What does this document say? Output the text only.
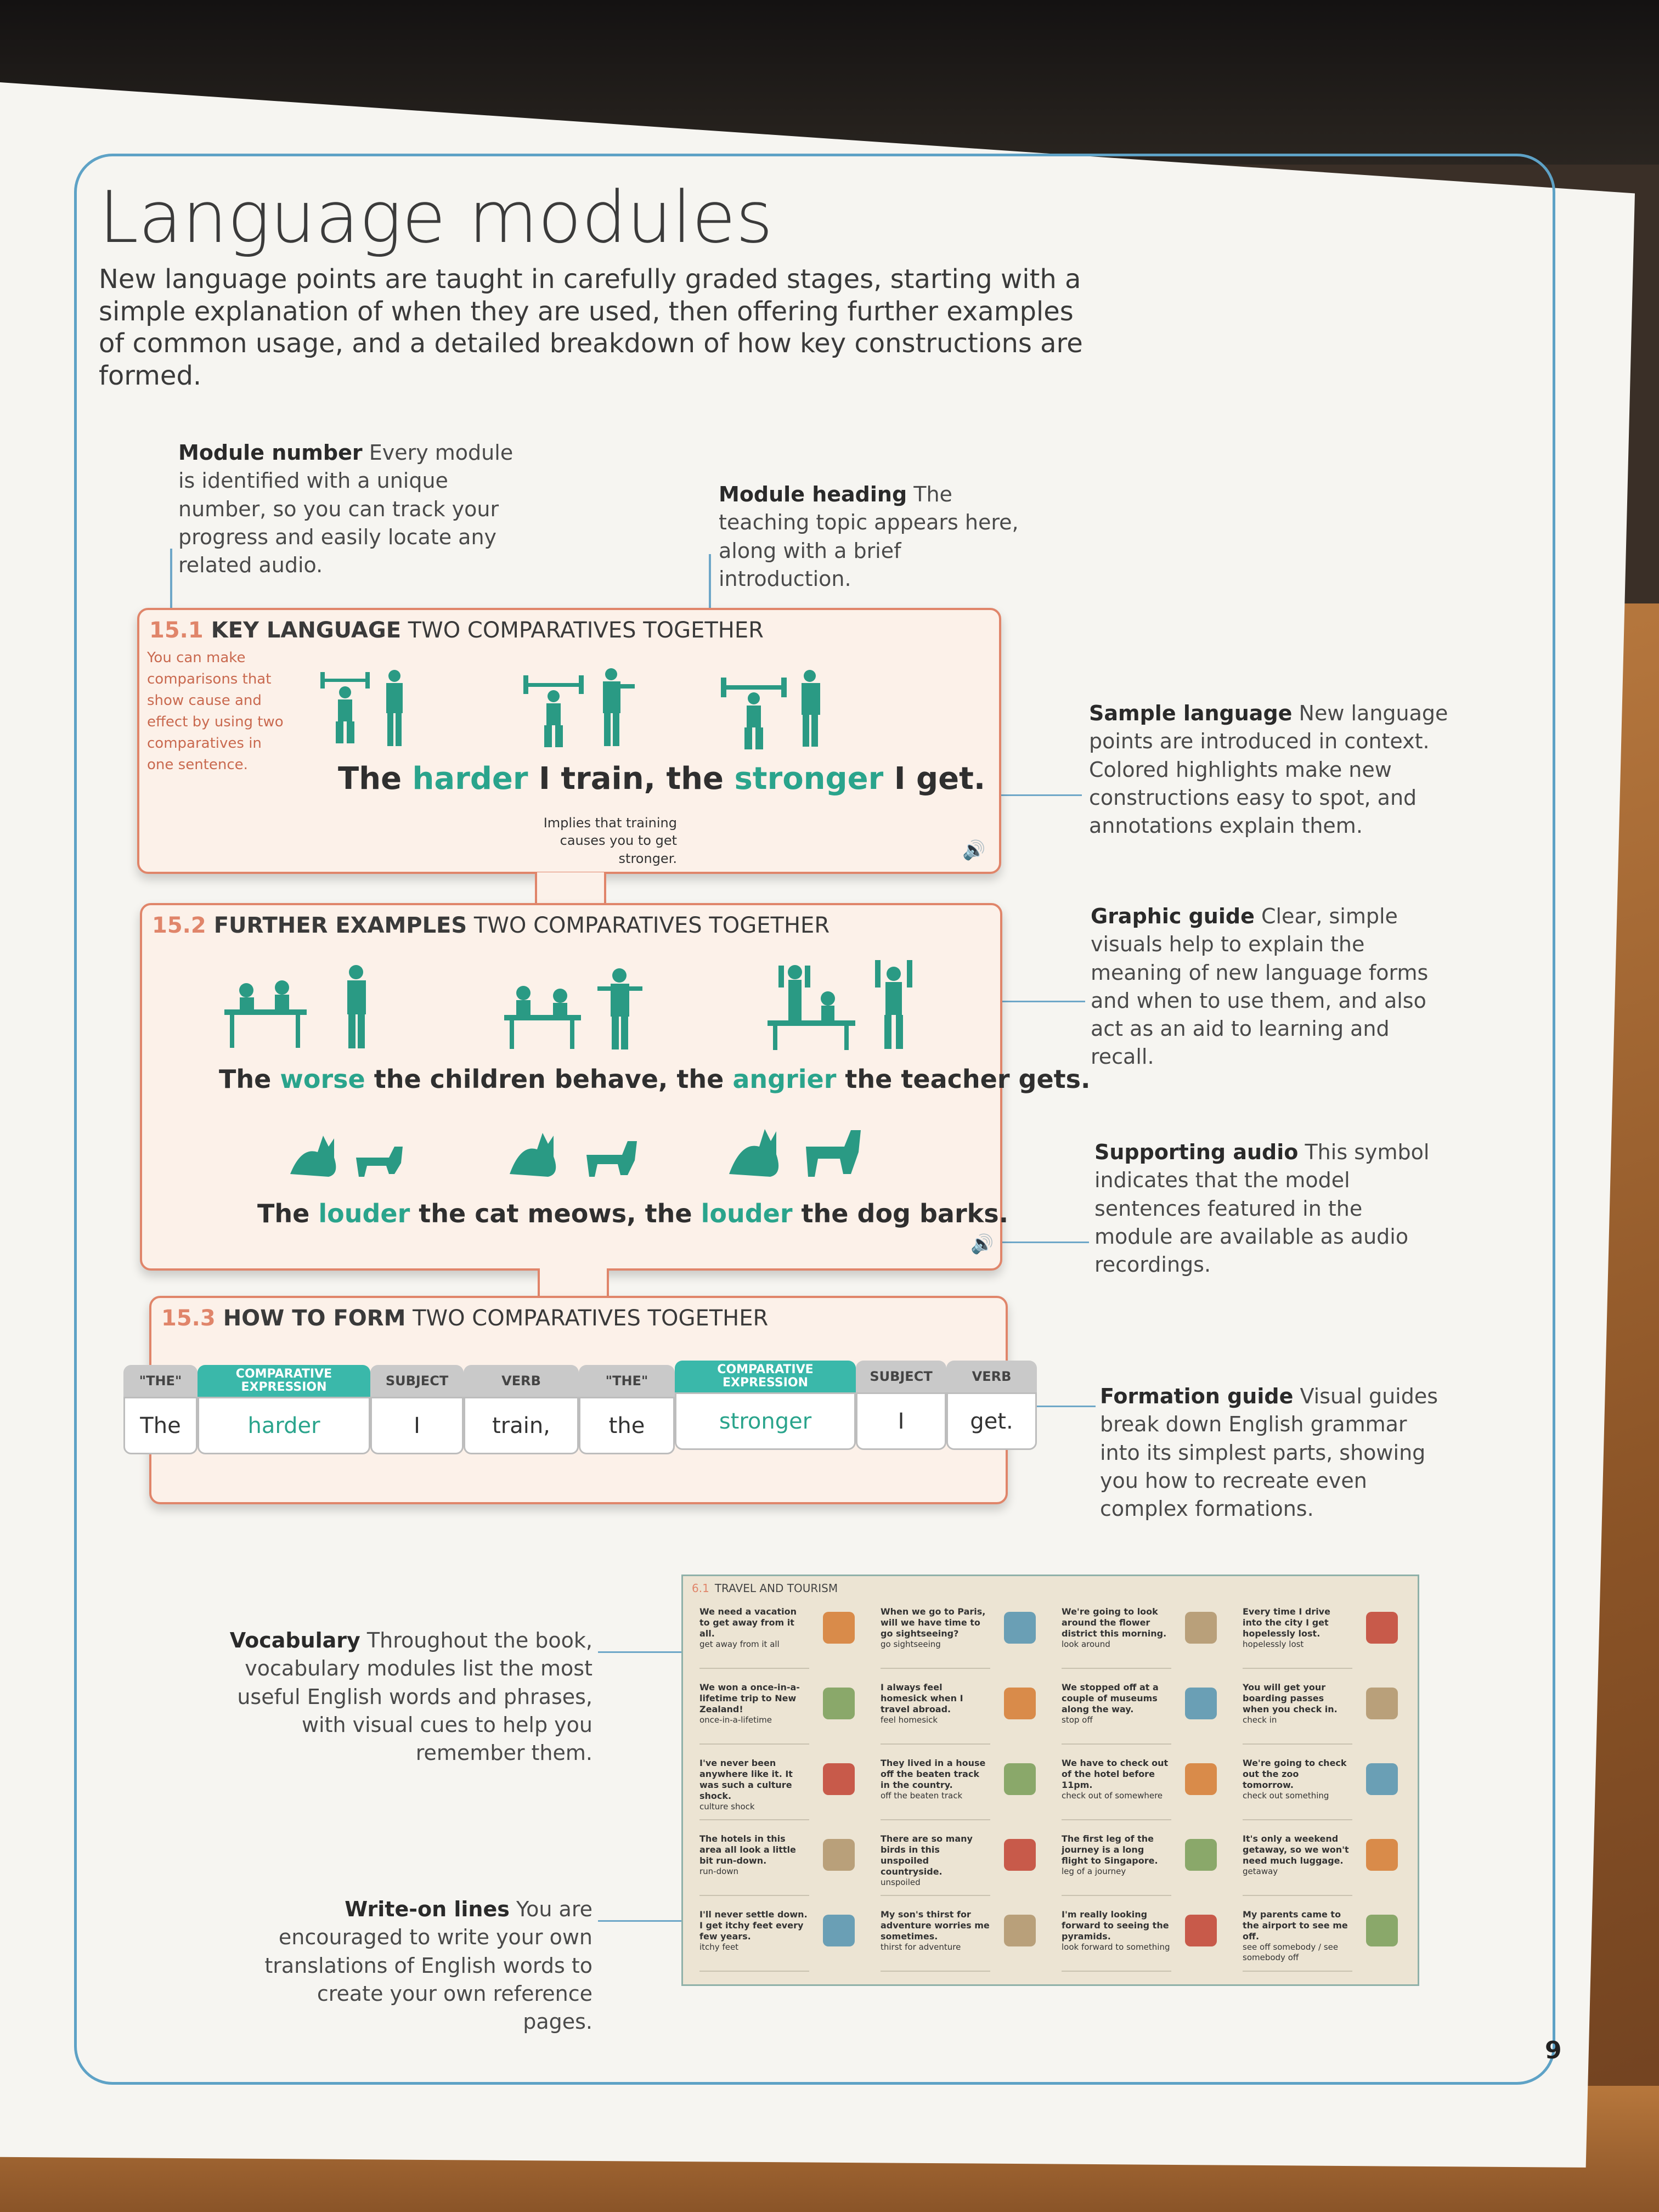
Language modules

New language points are taught in carefully graded stages, starting with a simple explanation of when they are used, then offering further examples of common usage, and a detailed breakdown of how key constructions are formed.

Module number Every module is identified with a unique number, so you can track your progress and easily locate any related audio.
Module heading The teaching topic appears here, along with a brief introduction.
Sample language New language points are introduced in context. Colored highlights make new constructions easy to spot, and annotations explain them.
Graphic guide Clear, simple visuals help to explain the meaning of new language forms and when to use them, and also act as an aid to learning and recall.
Supporting audio This symbol indicates that the model sentences featured in the module are available as audio recordings.
Formation guide Visual guides break down English grammar into its simplest parts, showing you how to recreate even complex formations.
15.1 KEY LANGUAGE TWO COMPARATIVES TOGETHER
You can make comparisons that show cause and effect by using two comparatives in one sentence.	The harder I train, the stronger I get.
Implies that training causes you to get stronger.	🔊
15.2 FURTHER EXAMPLES TWO COMPARATIVES TOGETHER
The worse the children behave, the angrier the teacher gets.
The louder the cat meows, the louder the dog barks.
🔊
15.3 HOW TO FORM TWO COMPARATIVES TOGETHER
"THE"
The
COMPARATIVE EXPRESSION
harder
SUBJECT
I
VERB
train,
"THE"
the
COMPARATIVE EXPRESSION
stronger
SUBJECT
I
VERB
get.
Vocabulary Throughout the book, vocabulary modules list the most useful English words and phrases, with visual cues to help you remember them.
Write-on lines You are encouraged to write your own translations of English words to create your own reference pages.
6.1 TRAVEL AND TOURISM
We need a vacation to get away from it all.
get away from it all
When we go to Paris, will we have time to go sightseeing?
go sightseeing
We're going to look around the flower district this morning.
look around
Every time I drive into the city I get hopelessly lost.
hopelessly lost
We won a once-in-a-lifetime trip to New Zealand!
once-in-a-lifetime
I always feel homesick when I travel abroad.
feel homesick
We stopped off at a couple of museums along the way.
stop off
You will get your boarding passes when you check in.
check in
I've never been anywhere like it. It was such a culture shock.
culture shock
They lived in a house off the beaten track in the country.
off the beaten track
We have to check out of the hotel before 11pm.
check out of somewhere
We're going to check out the zoo tomorrow.
check out something
The hotels in this area all look a little bit run-down.
run-down
There are so many birds in this unspoiled countryside.
unspoiled
The first leg of the journey is a long flight to Singapore.
leg of a journey
It's only a weekend getaway, so we won't need much luggage.
getaway
I'll never settle down. I get itchy feet every few years.
itchy feet
My son's thirst for adventure worries me sometimes.
thirst for adventure
I'm really looking forward to seeing the pyramids.
look forward to something
My parents came to the airport to see me off.
see off somebody / see somebody off
9
